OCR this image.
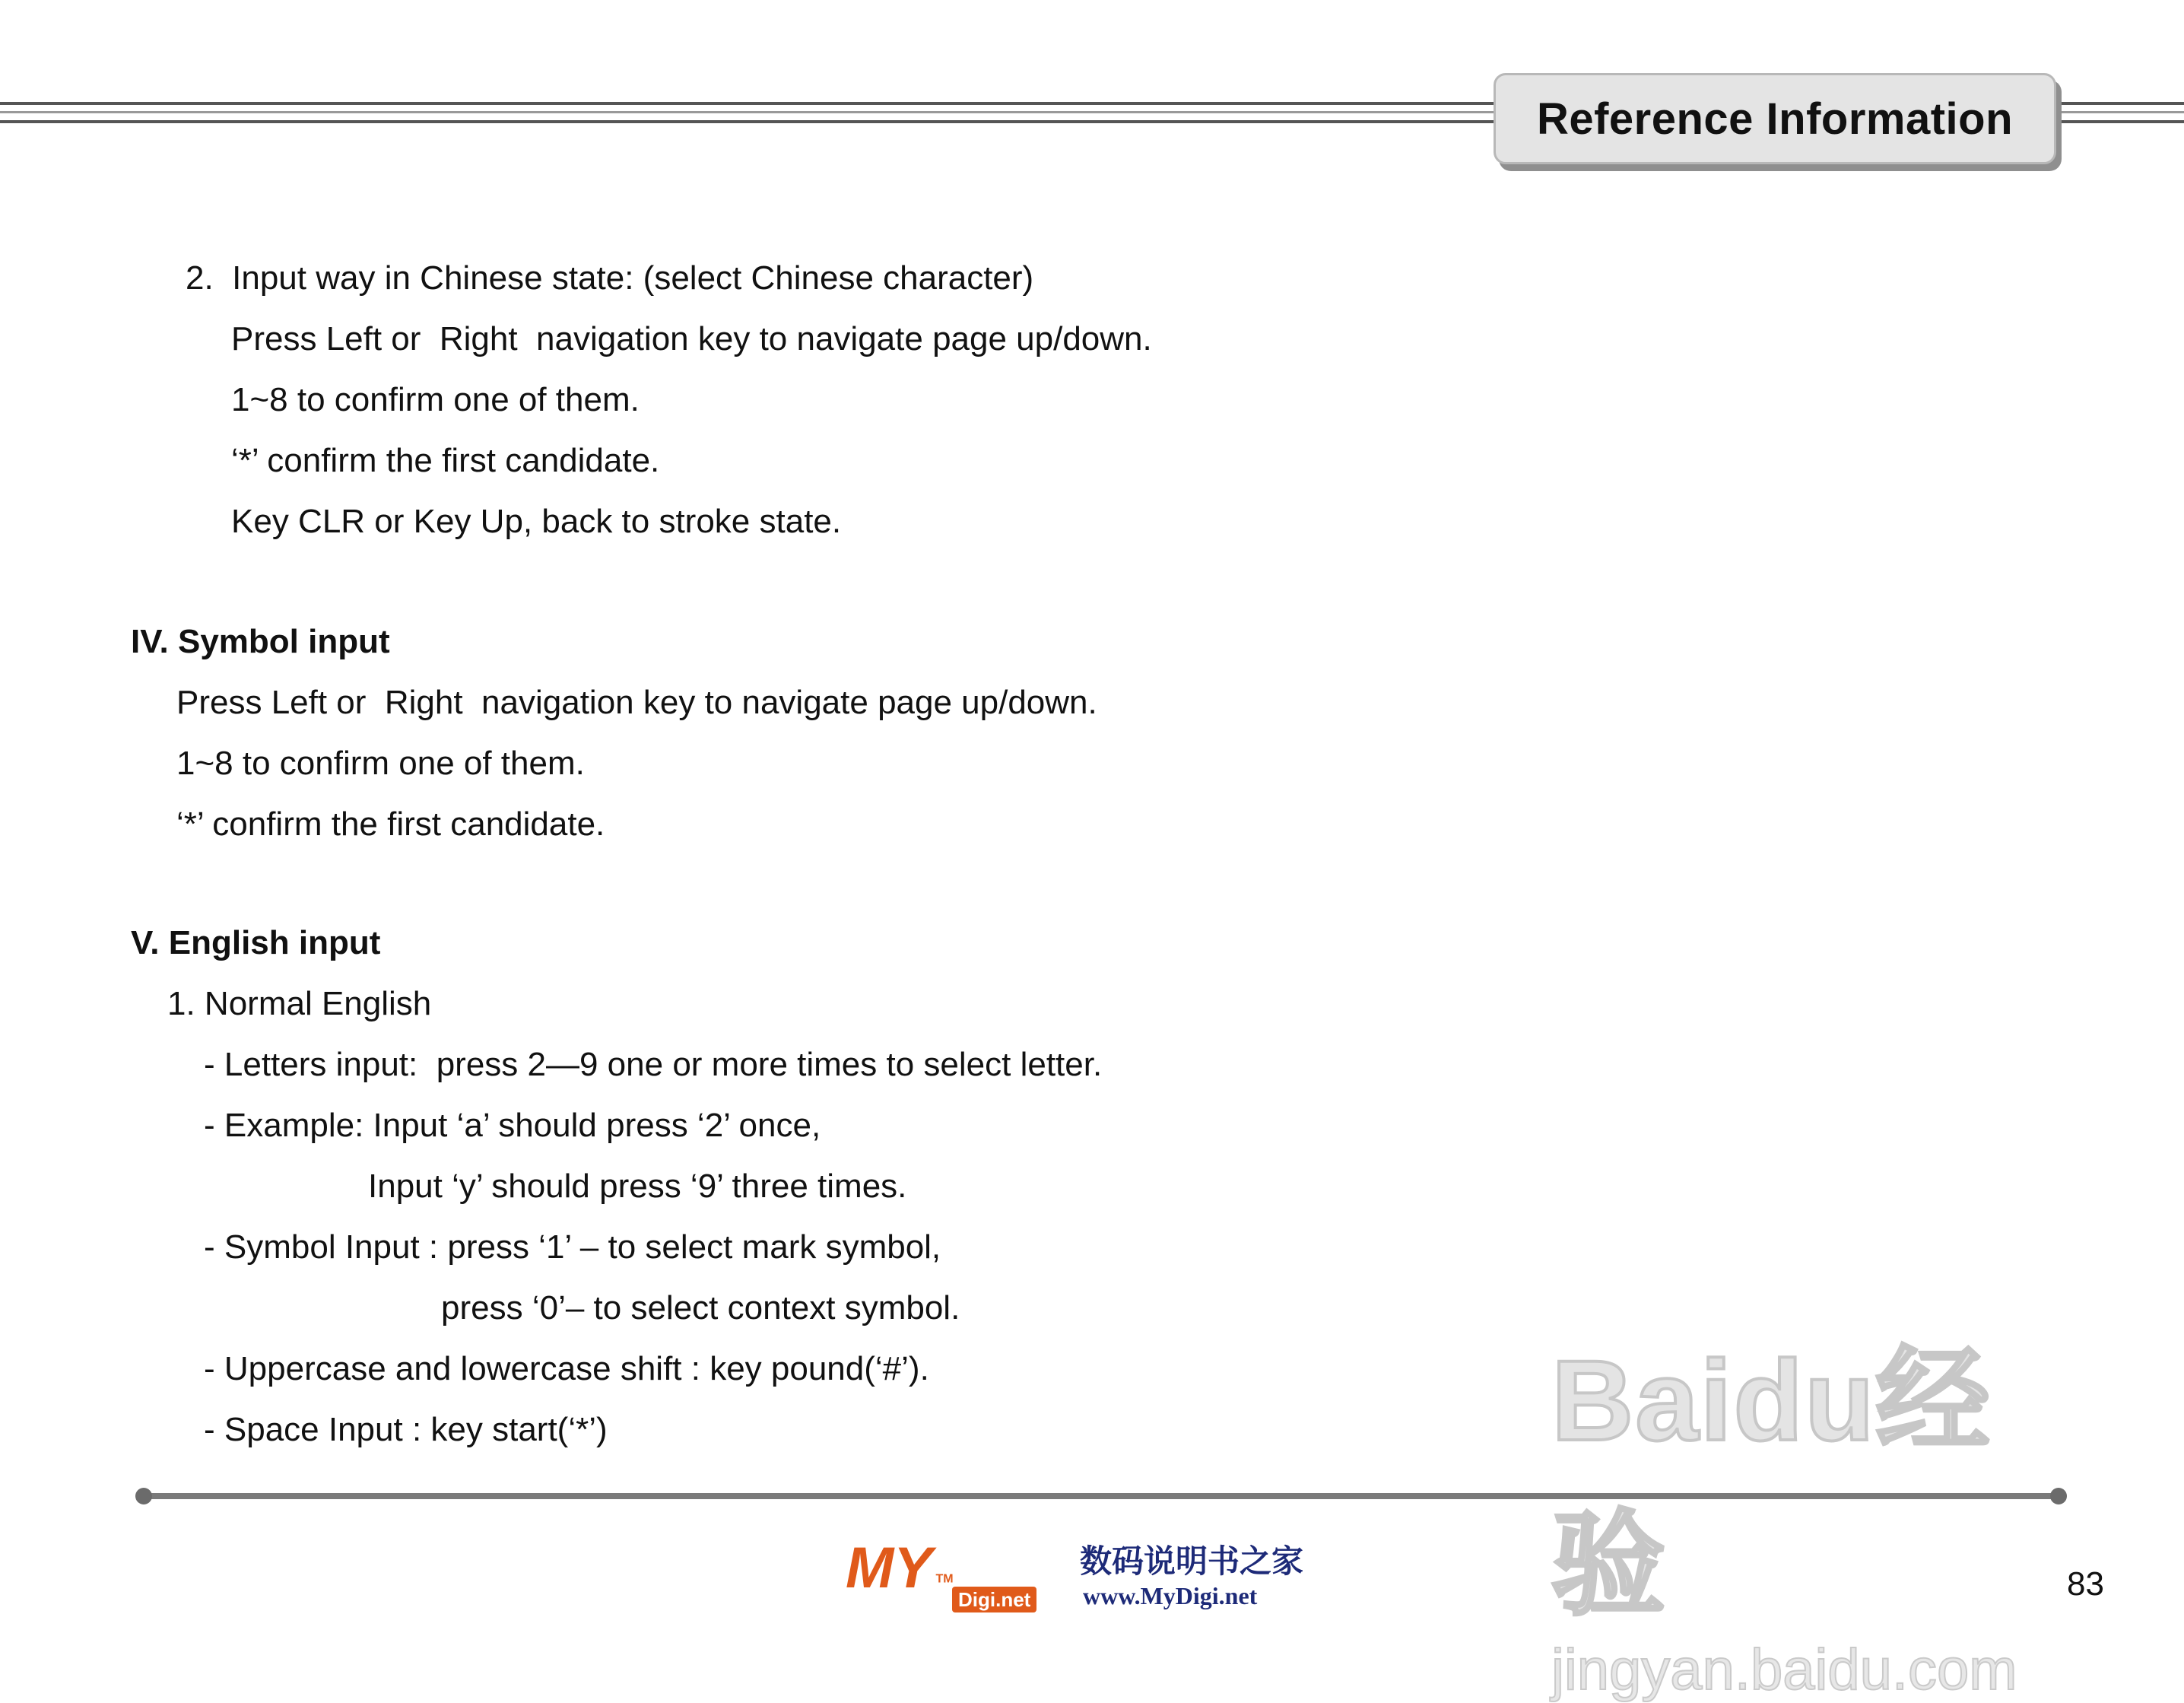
Reference Information
2.  Input way in Chinese state: (select Chinese character)
Press Left or  Right  navigation key to navigate page up/down.
1~8 to confirm one of them.
‘*’ confirm the first candidate.
Key CLR or Key Up, back to stroke state.
IV. Symbol input
Press Left or  Right  navigation key to navigate page up/down.
1~8 to confirm one of them.
‘*’ confirm the first candidate.
V. English input
1. Normal English
- Letters input:  press 2—9 one or more times to select letter.
- Example: Input ‘a’ should press ‘2’ once,
Input ‘y’ should press ‘9’ three times.
- Symbol Input : press ‘1’ – to select mark symbol,
press ‘0’– to select context symbol.
- Uppercase and lowercase shift : key pound(‘#’).
- Space Input : key start(‘*’)	Baidu经验
jingyan.baidu.com
MY ™
Digi.net
数码说明书之家
www.MyDigi.net	83
